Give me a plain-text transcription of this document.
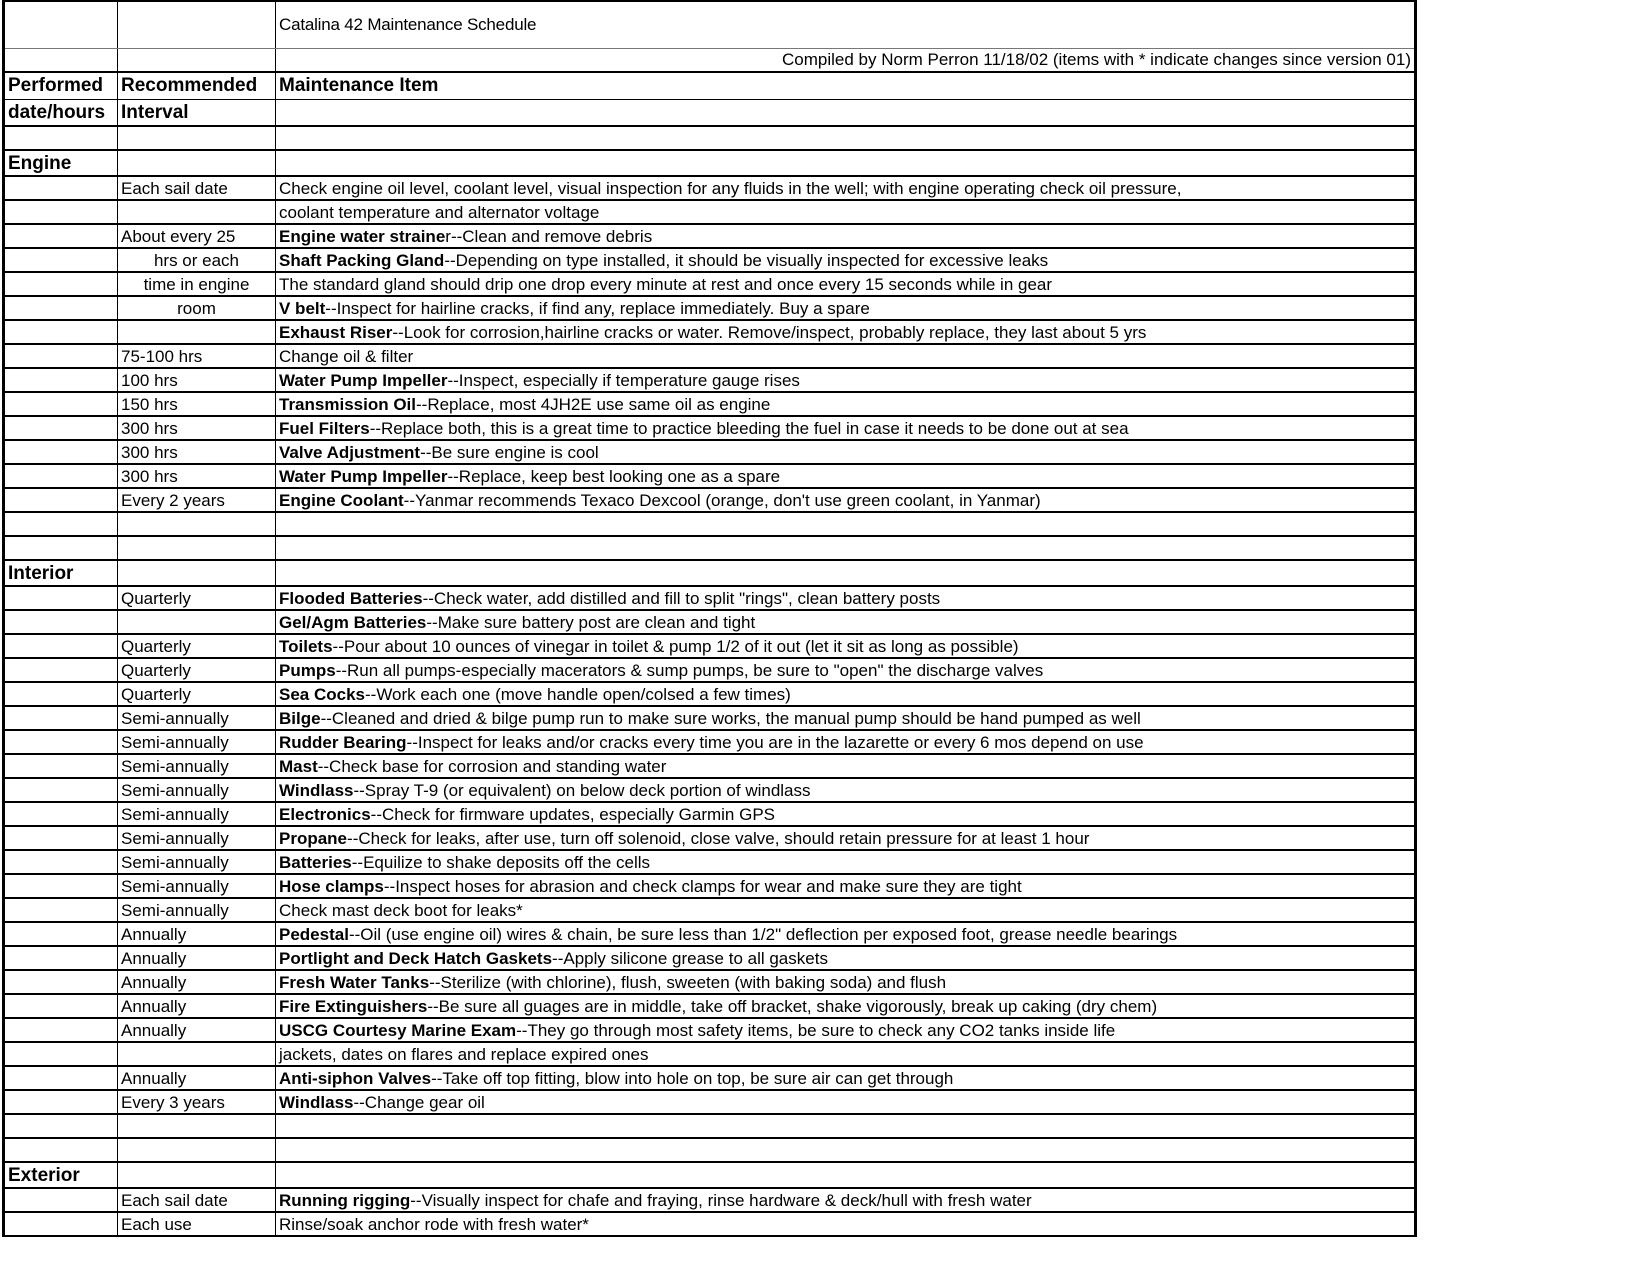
		Catalina 42 Maintenance Schedule
		Compiled by Norm Perron 11/18/02 (items with * indicate changes since version 01)
Performed	Recommended	Maintenance Item
date/hours	Interval	

Engine		
	Each sail date	Check engine oil level, coolant level, visual inspection for any fluids in the well; with engine operating check oil pressure,
		coolant temperature and alternator voltage
	About every 25	Engine water strainer--Clean and remove debris
	hrs or each	Shaft Packing Gland--Depending on type installed, it should be visually inspected for excessive leaks
	time in engine	The standard gland should drip one drop every minute at rest and once every 15 seconds while in gear
	room	V belt--Inspect for hairline cracks, if find any, replace immediately. Buy a spare
		Exhaust Riser--Look for corrosion,hairline cracks or water. Remove/inspect, probably replace, they last about 5 yrs
	75-100 hrs	Change oil & filter
	100 hrs	Water Pump Impeller--Inspect, especially if temperature gauge rises
	150 hrs	Transmission Oil--Replace, most 4JH2E use same oil as engine
	300 hrs	Fuel Filters--Replace both, this is a great time to practice bleeding the fuel in case it needs to be done out at sea
	300 hrs	Valve Adjustment--Be sure engine is cool
	300 hrs	Water Pump Impeller--Replace, keep best looking one as a spare
	Every 2 years	Engine Coolant--Yanmar recommends Texaco Dexcool (orange, don't use green coolant, in Yanmar)

Interior		
	Quarterly	Flooded Batteries--Check water, add distilled and fill to split "rings", clean battery posts
		Gel/Agm Batteries--Make sure battery post are clean and tight
	Quarterly	Toilets--Pour about 10 ounces of vinegar in toilet & pump 1/2 of it out (let it sit as long as possible)
	Quarterly	Pumps--Run all pumps-especially macerators & sump pumps, be sure to "open" the discharge valves
	Quarterly	Sea Cocks--Work each one (move handle open/colsed a few times)
	Semi-annually	Bilge--Cleaned and dried & bilge pump run to make sure works, the manual pump should be hand pumped as well
	Semi-annually	Rudder Bearing--Inspect for leaks and/or cracks every time you are in the lazarette or every 6 mos depend on use
	Semi-annually	Mast--Check base for corrosion and standing water
	Semi-annually	Windlass--Spray T-9 (or equivalent) on below deck portion of windlass
	Semi-annually	Electronics--Check for firmware updates, especially Garmin GPS
	Semi-annually	Propane--Check for leaks, after use, turn off solenoid, close valve, should retain pressure for at least 1 hour
	Semi-annually	Batteries--Equilize to shake deposits off the cells
	Semi-annually	Hose clamps--Inspect hoses for abrasion and check clamps for wear and make sure they are tight
	Semi-annually	Check mast deck boot for leaks*
	Annually	Pedestal--Oil (use engine oil) wires & chain, be sure less than 1/2" deflection per exposed foot, grease needle bearings
	Annually	Portlight and Deck Hatch Gaskets--Apply silicone grease to all gaskets
	Annually	Fresh Water Tanks--Sterilize (with chlorine), flush, sweeten (with baking soda) and flush
	Annually	Fire Extinguishers--Be sure all guages are in middle, take off bracket, shake vigorously, break up caking (dry chem)
	Annually	USCG Courtesy Marine Exam--They go through most safety items, be sure to check any CO2 tanks inside life
		jackets, dates on flares and replace expired ones
	Annually	Anti-siphon Valves--Take off top fitting, blow into hole on top, be sure air can get through
	Every 3 years	Windlass--Change gear oil

Exterior		
	Each sail date	Running rigging--Visually inspect for chafe and fraying, rinse hardware & deck/hull with fresh water
	Each use	Rinse/soak anchor rode with fresh water*
